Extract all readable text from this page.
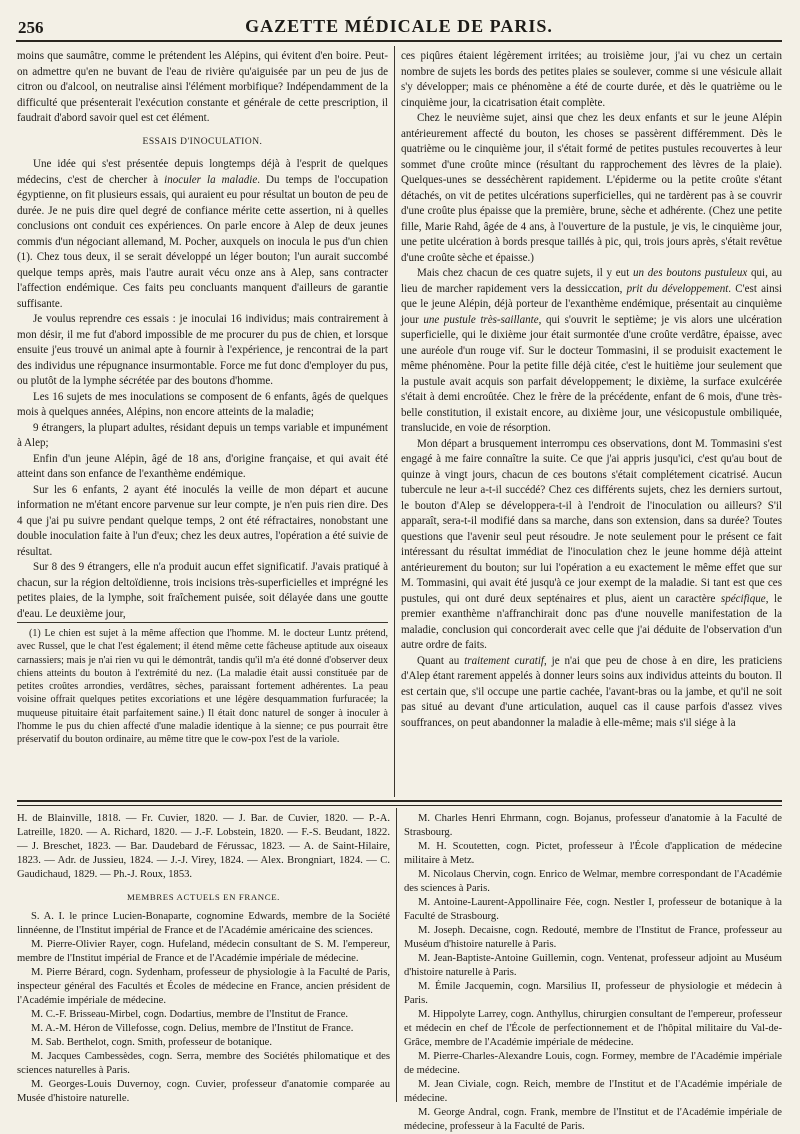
256	GAZETTE MÉDICALE DE PARIS.

moins que saumâtre, comme le prétendent les Alépins, qui évitent d'en boire. Peut-on admettre qu'en ne buvant de l'eau de rivière qu'aiguisée par un peu de jus de citron ou d'alcool, on neutralise ainsi l'élément morbifique? Indépendamment de la difficulté que présenterait l'exécution constante et générale de cette prescription, il faudrait d'abord savoir quel est cet élément.

ESSAIS D'INOCULATION.

Une idée qui s'est présentée depuis longtemps déjà à l'esprit de quelques médecins, c'est de chercher à inoculer la maladie. Du temps de l'occupation égyptienne, on fit plusieurs essais, qui auraient eu pour résultat un bouton de peu de durée. Je ne puis dire quel degré de confiance mérite cette assertion, ni à quelles conclusions ont conduit ces expériences. On parle encore à Alep de deux jeunes commis d'un négociant allemand, M. Pocher, auxquels on inocula le pus d'un chien (1). Chez tous deux, il se serait développé un léger bouton; l'un aurait succombé quelque temps après, mais l'autre aurait vécu onze ans à Alep, sans contracter l'affection endémique. Ces faits peu concluants manquent d'ailleurs de garantie suffisante.

Je voulus reprendre ces essais : je inoculai 16 individus; mais contrairement à mon désir, il me fut d'abord impossible de me procurer du pus de chien, et lorsque ensuite j'eus trouvé un animal apte à fournir à l'expérience, je rencontrai de la part des individus une répugnance insurmontable. Force me fut donc d'employer du pus, ou plutôt de la lymphe sécrétée par des boutons d'homme.

Les 16 sujets de mes inoculations se composent de 6 enfants, âgés de quelques mois à quelques années, Alépins, non encore atteints de la maladie;

9 étrangers, la plupart adultes, résidant depuis un temps variable et impunément à Alep;

Enfin d'un jeune Alépin, âgé de 18 ans, d'origine française, et qui avait été atteint dans son enfance de l'exanthème endémique.

Sur les 6 enfants, 2 ayant été inoculés la veille de mon départ et aucune information ne m'étant encore parvenue sur leur compte, je n'en puis rien dire. Des 4 que j'ai pu suivre pendant quelque temps, 2 ont été réfractaires, nonobstant une double inoculation faite à l'un d'eux; chez les deux autres, l'opération a été suivie de résultat.

Sur 8 des 9 étrangers, elle n'a produit aucun effet significatif. J'avais pratiqué à chacun, sur la région deltoïdienne, trois incisions très-superficielles et imprégné les petites plaies, de la lymphe, soit fraîchement puisée, soit délayée dans une goutte d'eau. Le deuxième jour,

(1) Le chien est sujet à la même affection que l'homme. M. le docteur Luntz prétend, avec Russel, que le chat l'est également; il étend même cette fâcheuse aptitude aux oiseaux carnassiers; mais je n'ai rien vu qui le démontrât, tandis qu'il m'a été donné d'observer deux chiens atteints du bouton à l'extrémité du nez. (La maladie était aussi constituée par de petites croûtes arrondies, verdâtres, sèches, paraissant fortement adhérentes. La peau voisine offrait quelques petites excoriations et une légère desquammation furfuracée; la muqueuse pituitaire était parfaitement saine.) Il était donc naturel de songer à inoculer à l'homme le pus du chien affecté d'une maladie identique à la sienne; ce pus pourrait être préservatif du bouton ordinaire, au même titre que le cow-pox l'est de la variole.

ces piqûres étaient légèrement irritées; au troisième jour, j'ai vu chez un certain nombre de sujets les bords des petites plaies se soulever, comme si une vésicule allait s'y développer; mais ce phénomène a été de courte durée, et dès le quatrième ou le cinquième jour, la cicatrisation était complète.

Chez le neuvième sujet, ainsi que chez les deux enfants et sur le jeune Alépin antérieurement affecté du bouton, les choses se passèrent différemment. Dès le quatrième ou le cinquième jour, il s'était formé de petites pustules recouvertes à leur sommet d'une croûte mince (résultant du rapprochement des lèvres de la plaie). Quelques-unes se desséchèrent rapidement. L'épiderme ou la petite croûte s'étant détachés, on vit de petites ulcérations superficielles, qui ne tardèrent pas à se couvrir d'une croûte plus épaisse que la première, brune, sèche et adhérente. (Chez une petite fille, Marie Rahd, âgée de 4 ans, à l'ouverture de la pustule, je vis, le cinquième jour, une petite ulcération à bords presque taillés à pic, qui, trois jours après, s'était revêtue d'une croûte sèche et épaisse.)

Mais chez chacun de ces quatre sujets, il y eut un des boutons pustuleux qui, au lieu de marcher rapidement vers la dessiccation, prit du développement. C'est ainsi que le jeune Alépin, déjà porteur de l'exanthème endémique, présentait au cinquième jour une pustule très-saillante, qui s'ouvrit le septième; je vis alors une ulcération superficielle, qui le dixième jour était surmontée d'une croûte verdâtre, épaisse, avec une auréole d'un rouge vif. Sur le docteur Tommasini, il se produisit exactement le même phénomène. Pour la petite fille déjà citée, c'est le huitième jour seulement que la pustule avait acquis son parfait développement; le dixième, la surface exulcérée s'était à demi encroûtée. Chez le frère de la précédente, enfant de 6 mois, d'une très-belle constitution, il existait encore, au dixième jour, une vésicopustule ombiliquée, translucide, en voie de résorption.

Mon départ a brusquement interrompu ces observations, dont M. Tommasini s'est engagé à me faire connaître la suite. Ce que j'ai appris jusqu'ici, c'est qu'au bout de quinze à vingt jours, chacun de ces boutons s'était complétement cicatrisé. Aucun tubercule ne leur a-t-il succédé? Chez ces différents sujets, chez les derniers surtout, le bouton d'Alep se développera-t-il à l'endroit de l'inoculation ou ailleurs? S'il apparaît, sera-t-il modifié dans sa marche, dans son extension, dans sa durée? Toutes questions que l'avenir seul peut résoudre. Je note seulement pour le présent ce fait intéressant du résultat immédiat de l'inoculation chez le jeune homme déjà atteint antérieurement du bouton; sur lui l'opération a eu exactement le même effet que sur M. Tommasini, qui avait été jusqu'à ce jour exempt de la maladie. Si tant est que ces pustules, qui ont duré deux septénaires et plus, aient un caractère spécifique, le premier exanthème n'affranchirait donc pas d'une nouvelle manifestation de la maladie, conclusion qui concorderait avec celle que j'ai déduite de l'observation d'un autre ordre de faits.

Quant au traitement curatif, je n'ai que peu de chose à en dire, les praticiens d'Alep étant rarement appelés à donner leurs soins aux individus atteints du bouton. Il est certain que, s'il occupe une partie cachée, l'avant-bras ou la jambe, et qu'il ne soit pas situé au devant d'une articulation, auquel cas il cause parfois d'assez vives souffrances, on peut abandonner la maladie à elle-même; mais s'il siége à la

H. de Blainville, 1818. — Fr. Cuvier, 1820. — J. Bar. de Cuvier, 1820. — P.-A. Latreille, 1820. — A. Richard, 1820. — J.-F. Lobstein, 1820. — F.-S. Beudant, 1822. — J. Breschet, 1823. — Bar. Daudebard de Férussac, 1823. — A. de Saint-Hilaire, 1823. — Adr. de Jussieu, 1824. — J.-J. Virey, 1824. — Alex. Brongniart, 1824. — C. Gaudichaud, 1829. — Ph.-J. Roux, 1853.

MEMBRES ACTUELS EN FRANCE.

S. A. I. le prince Lucien-Bonaparte, cognomine Edwards, membre de la Société linnéenne, de l'Institut impérial de France et de l'Académie américaine des sciences.

M. Pierre-Olivier Rayer, cogn. Hufeland, médecin consultant de S. M. l'empereur, membre de l'Institut impérial de France et de l'Académie impériale de médecine.

M. Pierre Bérard, cogn. Sydenham, professeur de physiologie à la Faculté de Paris, inspecteur général des Facultés et Écoles de médecine en France, ancien président de l'Académie impériale de médecine.

M. C.-F. Brisseau-Mirbel, cogn. Dodartius, membre de l'Institut de France.

M. A.-M. Héron de Villefosse, cogn. Delius, membre de l'Institut de France.

M. Sab. Berthelot, cogn. Smith, professeur de botanique.

M. Jacques Cambessèdes, cogn. Serra, membre des Sociétés philomatique et des sciences naturelles à Paris.

M. Georges-Louis Duvernoy, cogn. Cuvier, professeur d'anatomie comparée au Musée d'histoire naturelle.

M. Charles Henri Ehrmann, cogn. Bojanus, professeur d'anatomie à la Faculté de Strasbourg.

M. H. Scoutetten, cogn. Pictet, professeur à l'École d'application de médecine militaire à Metz.

M. Nicolaus Chervin, cogn. Enrico de Welmar, membre correspondant de l'Académie des sciences à Paris.

M. Antoine-Laurent-Appollinaire Fée, cogn. Nestler I, professeur de botanique à la Faculté de Strasbourg.

M. Joseph. Decaisne, cogn. Redouté, membre de l'Institut de France, professeur au Muséum d'histoire naturelle à Paris.

M. Jean-Baptiste-Antoine Guillemin, cogn. Ventenat, professeur adjoint au Muséum d'histoire naturelle à Paris.

M. Émile Jacquemin, cogn. Marsilius II, professeur de physiologie et médecin à Paris.

M. Hippolyte Larrey, cogn. Anthyllus, chirurgien consultant de l'empereur, professeur et médecin en chef de l'École de perfectionnement et de l'hôpital militaire du Val-de-Grâce, membre de l'Académie impériale de médecine.

M. Pierre-Charles-Alexandre Louis, cogn. Formey, membre de l'Académie impériale de médecine.

M. Jean Civiale, cogn. Reich, membre de l'Institut et de l'Académie impériale de médecine.

M. George Andral, cogn. Frank, membre de l'Institut et de l'Académie impériale de médecine, professeur à la Faculté de Paris.
